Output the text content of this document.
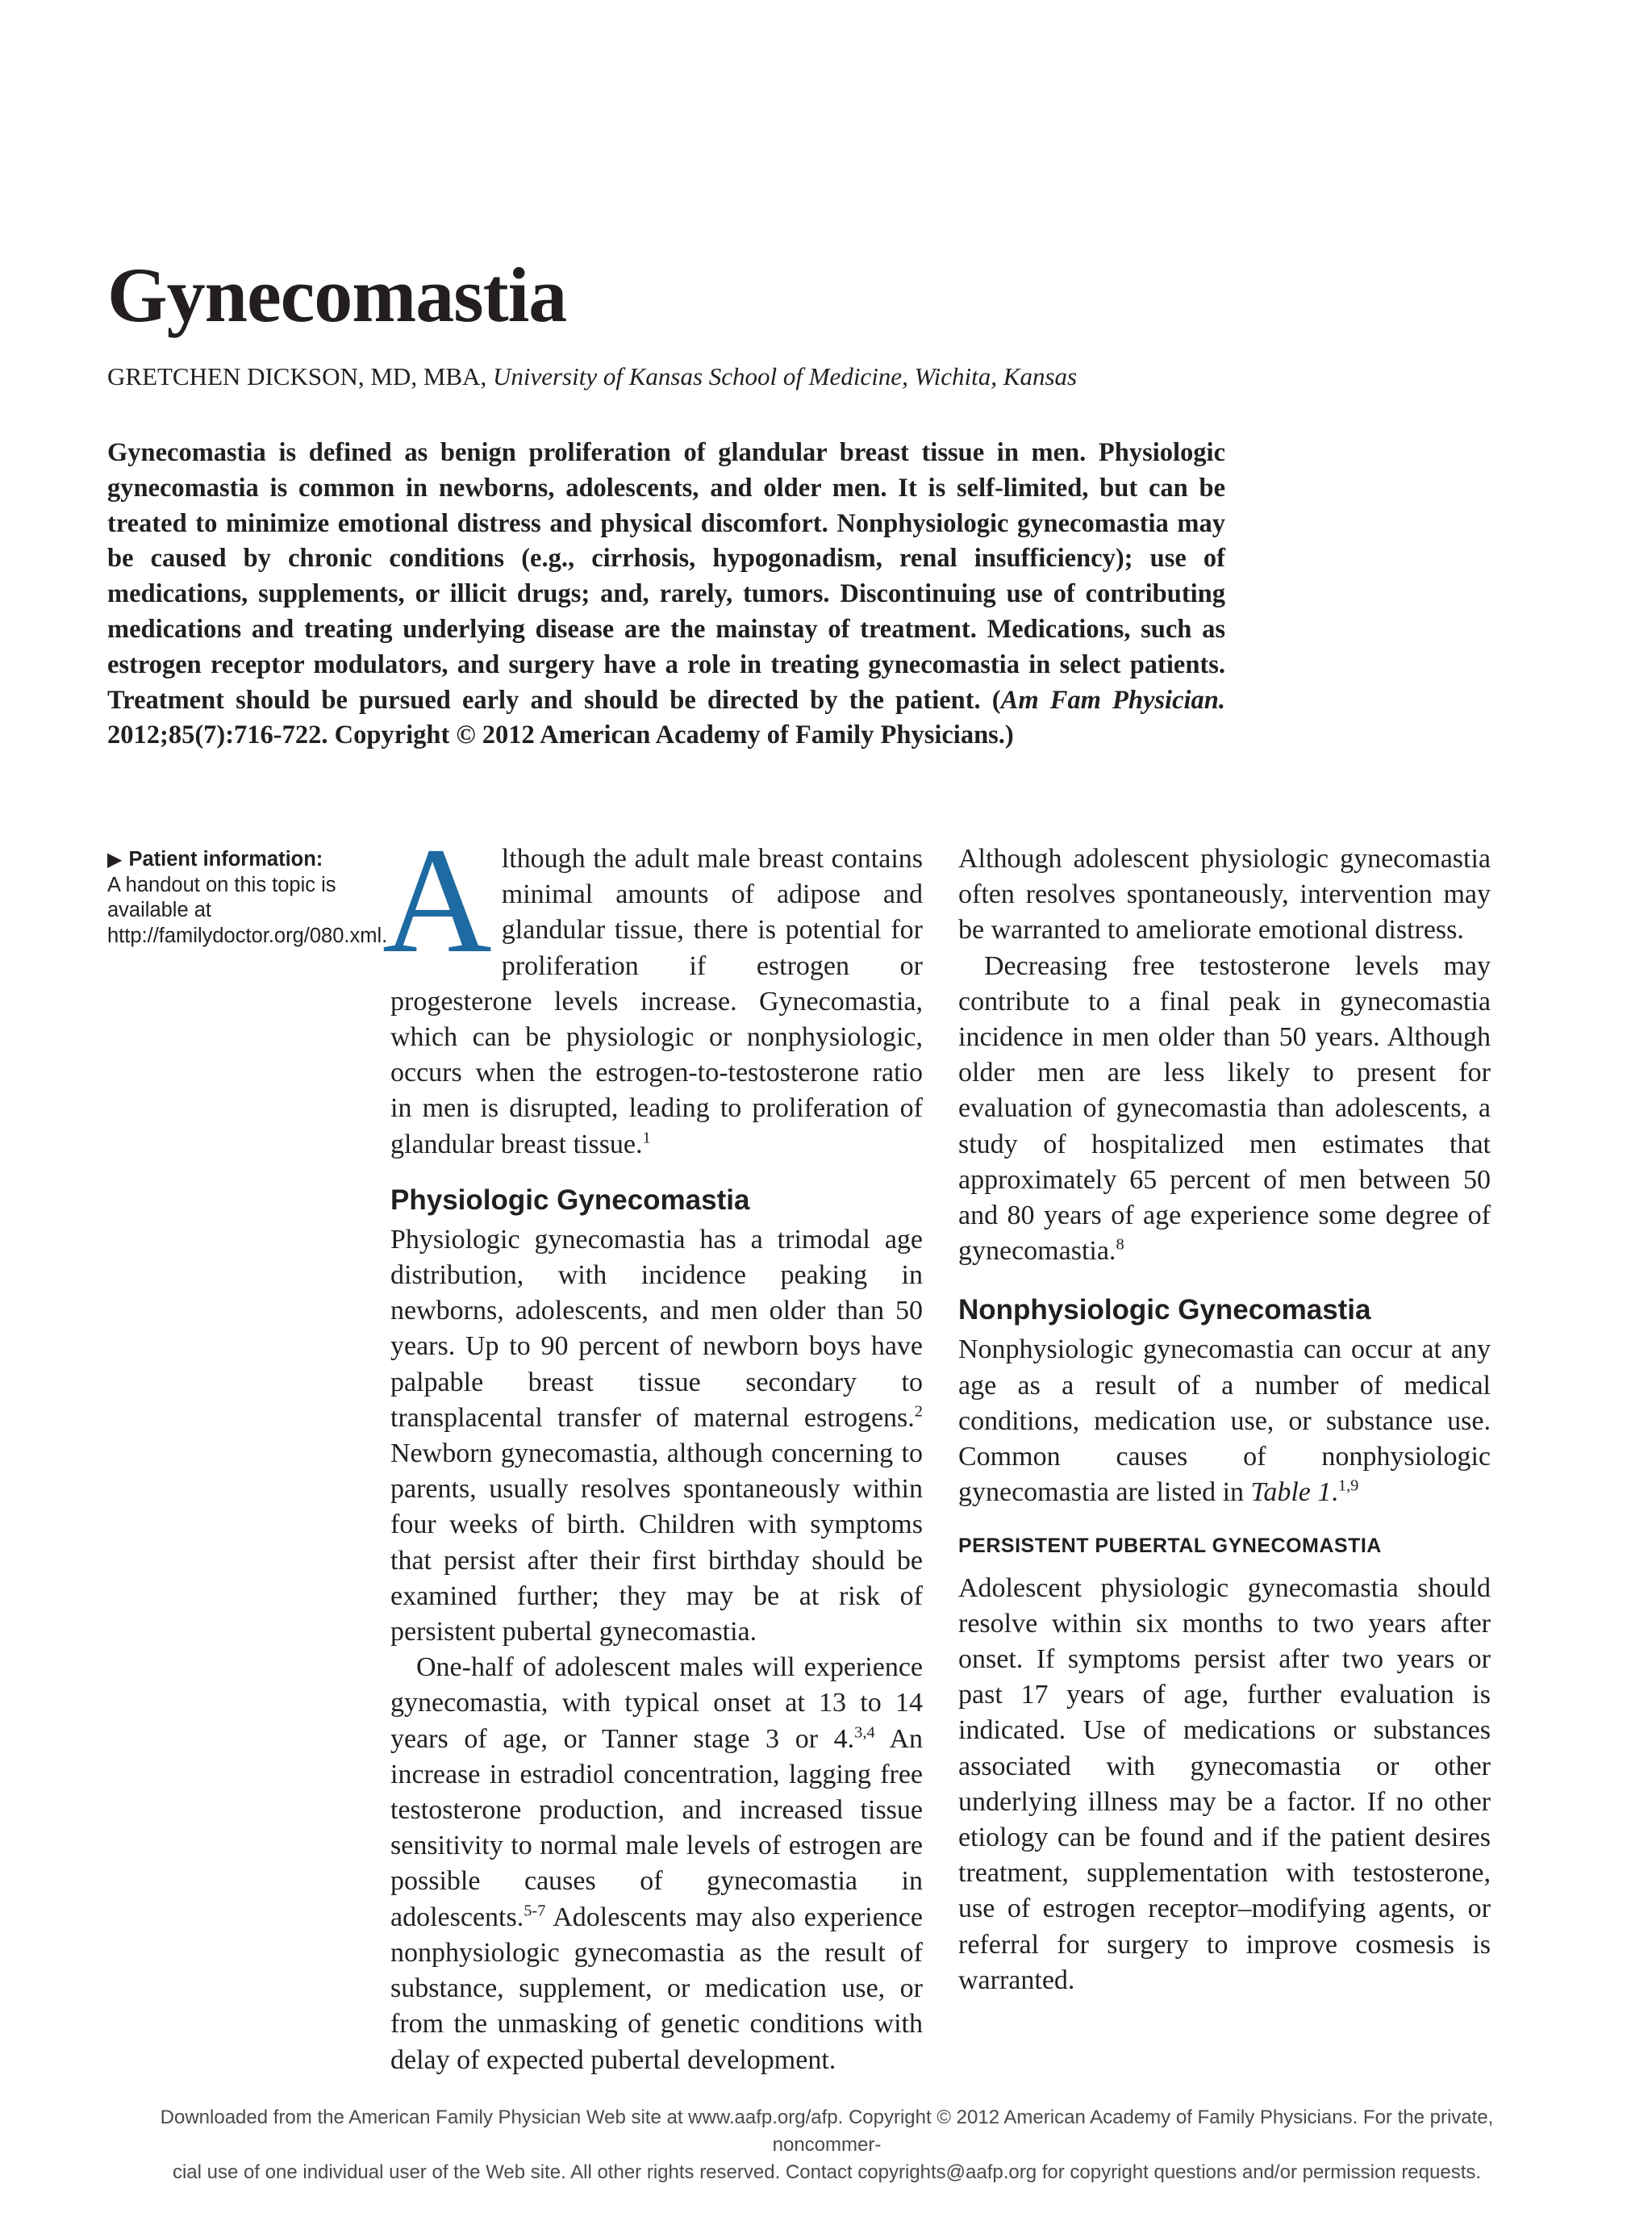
Gynecomastia
GRETCHEN DICKSON, MD, MBA, University of Kansas School of Medicine, Wichita, Kansas

Gynecomastia is defined as benign proliferation of glandular breast tissue in men. Physiologic gynecomastia is common in newborns, adolescents, and older men. It is self-limited, but can be treated to minimize emotional distress and physical discomfort. Nonphysiologic gynecomastia may be caused by chronic conditions (e.g., cirrhosis, hypogonadism, renal insufficiency); use of medications, supplements, or illicit drugs; and, rarely, tumors. Discontinuing use of contributing medications and treating underlying disease are the mainstay of treatment. Medications, such as estrogen receptor modulators, and surgery have a role in treating gynecomastia in select patients. Treatment should be pursued early and should be directed by the patient. (Am Fam Physician. 2012;85(7):716-722. Copyright © 2012 American Academy of Family Physicians.)

▶ Patient information:
A handout on this topic is available at http://familydoctor.org/080.xml.

Although the adult male breast contains minimal amounts of adipose and glandular tissue, there is potential for proliferation if estrogen or progesterone levels increase. Gynecomastia, which can be physiologic or nonphysiologic, occurs when the estrogen-to-testosterone ratio in men is disrupted, leading to proliferation of glandular breast tissue.$^1$

Physiologic Gynecomastia

Physiologic gynecomastia has a trimodal age distribution, with incidence peaking in newborns, adolescents, and men older than 50 years. Up to 90 percent of newborn boys have palpable breast tissue secondary to transplacental transfer of maternal estrogens.$^2$ Newborn gynecomastia, although concerning to parents, usually resolves spontaneously within four weeks of birth. Children with symptoms that persist after their first birthday should be examined further; they may be at risk of persistent pubertal gynecomastia.

One-half of adolescent males will experience gynecomastia, with typical onset at 13 to 14 years of age, or Tanner stage 3 or 4.$^{3,4}$ An increase in estradiol concentration, lagging free testosterone production, and increased tissue sensitivity to normal male levels of estrogen are possible causes of gynecomastia in adolescents.$^{5-7}$ Adolescents may also experience nonphysiologic gynecomastia as the result of substance, supplement, or medication use, or from the unmasking of genetic conditions with delay of expected pubertal development.

Although adolescent physiologic gynecomastia often resolves spontaneously, intervention may be warranted to ameliorate emotional distress.

Decreasing free testosterone levels may contribute to a final peak in gynecomastia incidence in men older than 50 years. Although older men are less likely to present for evaluation of gynecomastia than adolescents, a study of hospitalized men estimates that approximately 65 percent of men between 50 and 80 years of age experience some degree of gynecomastia.$^8$

Nonphysiologic Gynecomastia

Nonphysiologic gynecomastia can occur at any age as a result of a number of medical conditions, medication use, or substance use. Common causes of nonphysiologic gynecomastia are listed in Table 1.$^{1,9}$

PERSISTENT PUBERTAL GYNECOMASTIA

Adolescent physiologic gynecomastia should resolve within six months to two years after onset. If symptoms persist after two years or past 17 years of age, further evaluation is indicated. Use of medications or substances associated with gynecomastia or other underlying illness may be a factor. If no other etiology can be found and if the patient desires treatment, supplementation with testosterone, use of estrogen receptor–modifying agents, or referral for surgery to improve cosmesis is warranted.

Downloaded from the American Family Physician Web site at www.aafp.org/afp. Copyright © 2012 American Academy of Family Physicians. For the private, noncommer-
cial use of one individual user of the Web site. All other rights reserved. Contact copyrights@aafp.org for copyright questions and/or permission requests.
